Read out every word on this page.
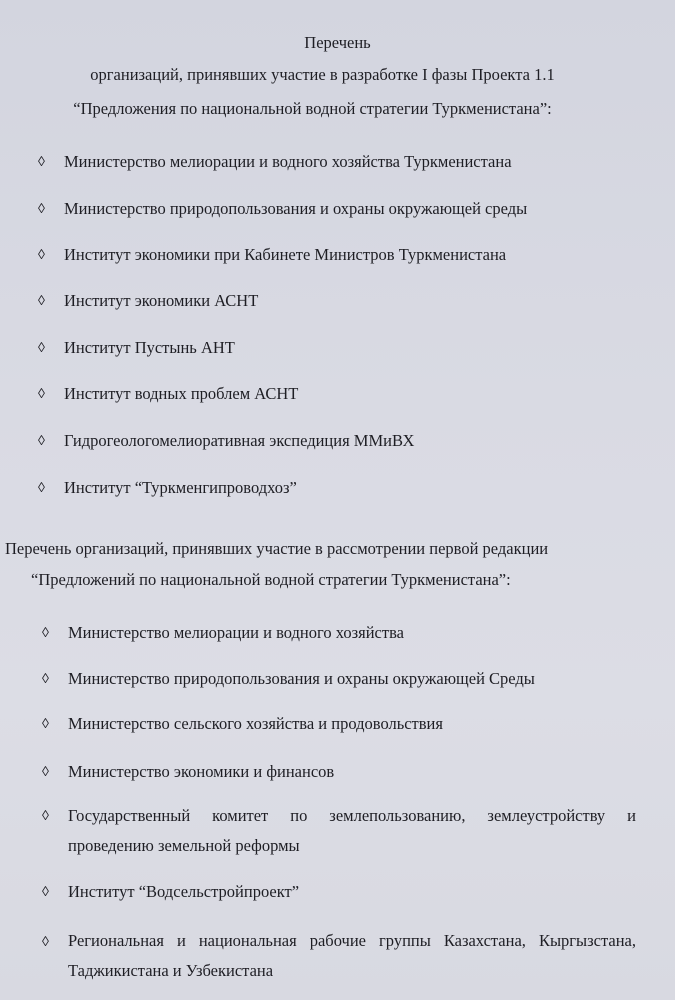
Перечень
организаций, принявших участие в разработке I фазы Проекта 1.1
“Предложения по национальной водной стратегии Туркменистана”:
◊ Министерство мелиорации и водного хозяйства Туркменистана
◊ Министерство природопользования и охраны окружающей среды
◊ Институт экономики при Кабинете Министров Туркменистана
◊ Институт экономики АСНТ
◊ Институт Пустынь АНТ
◊ Институт водных проблем АСНТ
◊ Гидрогеологомелиоративная экспедиция ММиВХ
◊ Институт “Туркменгипроводхоз”
Перечень организаций, принявших участие в рассмотрении первой редакции
“Предложений по национальной водной стратегии Туркменистана”:
◊ Министерство мелиорации и водного хозяйства
◊ Министерство природопользования и охраны окружающей Среды
◊ Министерство сельского хозяйства и продовольствия
◊ Министерство экономики и финансов
◊ Государственный комитет по землепользованию, землеустройству и проведению земельной реформы
◊ Институт “Водсельстройпроект”
◊ Региональная и национальная рабочие группы Казахстана, Кыргызстана, Таджикистана и Узбекистана
